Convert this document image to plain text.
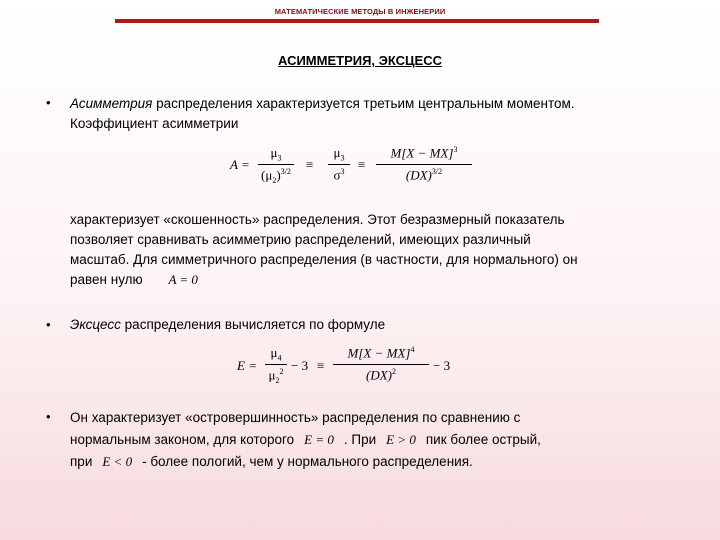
МАТЕМАТИЧЕСКИЕ МЕТОДЫ В ИНЖЕНЕРИИ
АСИММЕТРИЯ, ЭКСЦЕСС
• Асимметрия распределения характеризуется третьим центральным моментом.
Коэффициент асимметрии
A =
$\mu_3$
$(\mu_2)^{3/2}$ ≡
$\mu_3$
$\sigma^3$	≡
M[X − MX]$^3$
(DX)$^{3/2}$
характеризует «скошенность» распределения. Этот безразмерный показатель
позволяет сравнивать асимметрию распределений, имеющих различный
масштаб. Для симметричного распределения (в частности, для нормального) он
равен нулю A = 0
• Эксцесс распределения вычисляется по формуле
E =
$\mu_4$
$\mu_2^2 - 3$ ≡
M[X − MX]$^4$
(DX)$^2$	− 3
• Он характеризует «островершинность» распределения по сравнению с
нормальным законом, для которого E = 0 . При E > 0 пик более острый,
при E < 0 - более пологий, чем у нормального распределения.
